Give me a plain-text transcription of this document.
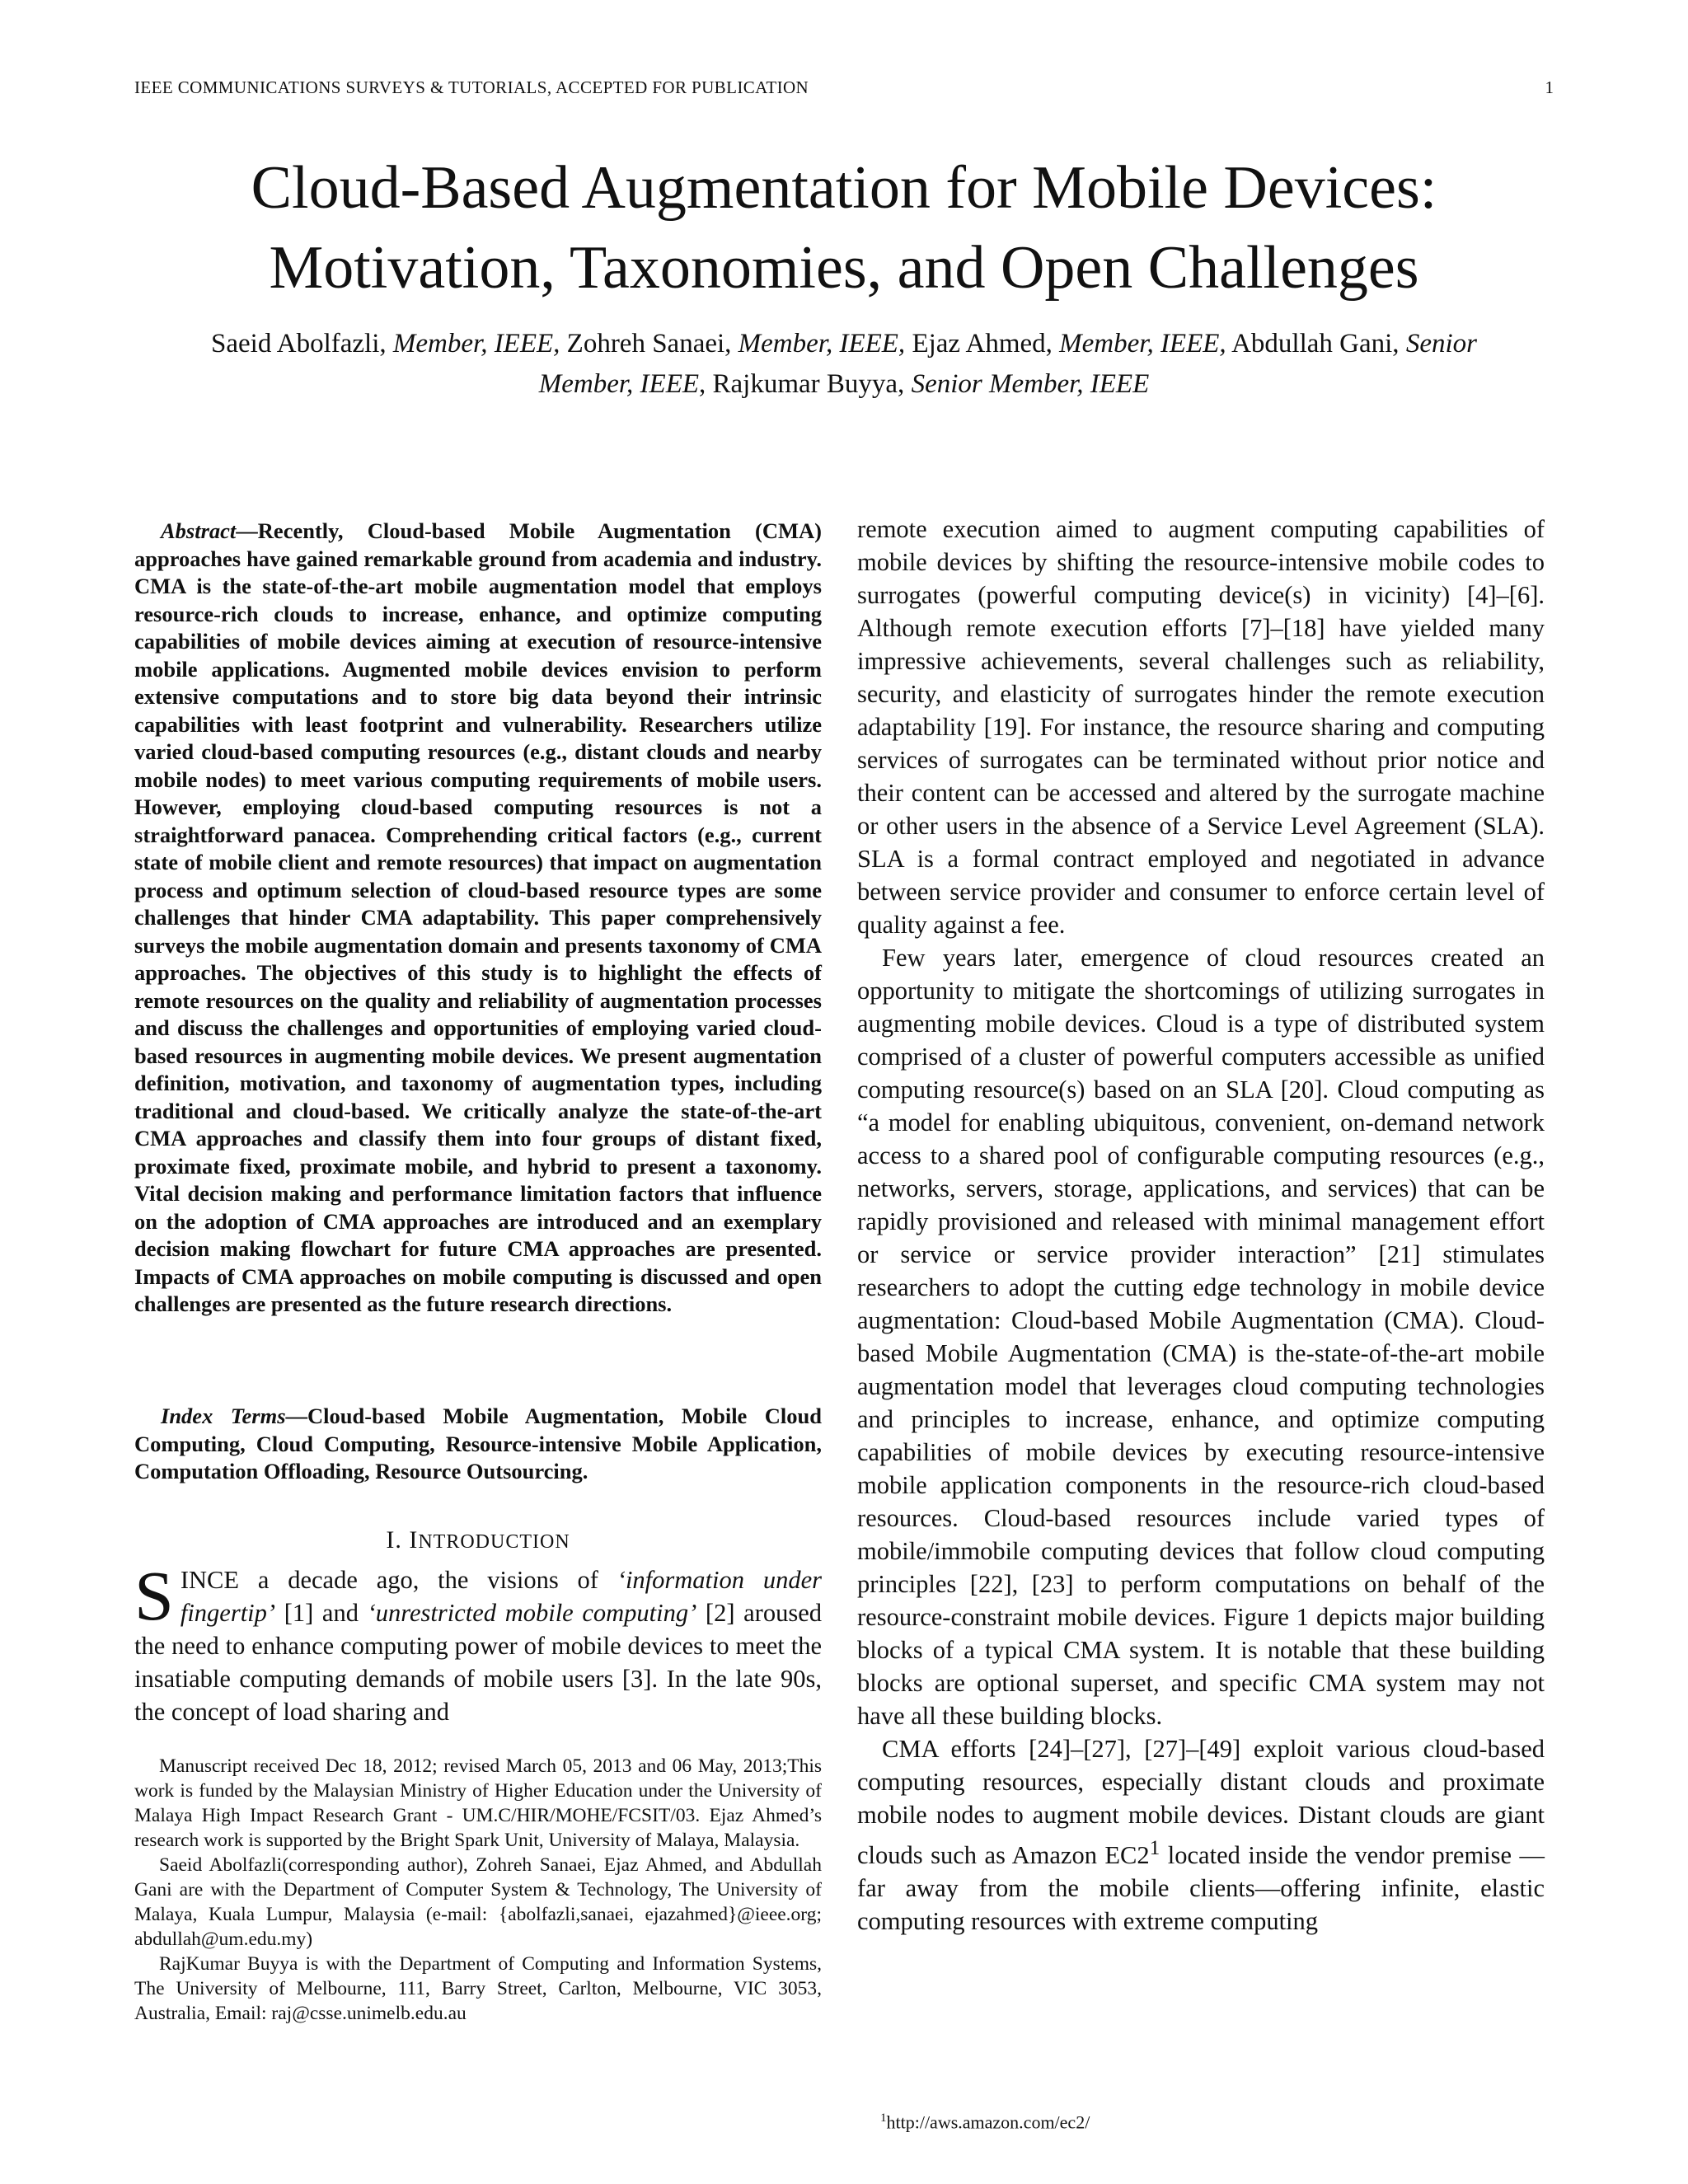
IEEE COMMUNICATIONS SURVEYS & TUTORIALS, ACCEPTED FOR PUBLICATION	1
Cloud-Based Augmentation for Mobile Devices:
Motivation, Taxonomies, and Open Challenges
Saeid Abolfazli, Member, IEEE, Zohreh Sanaei, Member, IEEE, Ejaz Ahmed, Member, IEEE, Abdullah Gani, Senior Member, IEEE, Rajkumar Buyya, Senior Member, IEEE
Abstract—Recently, Cloud-based Mobile Augmentation (CMA) approaches have gained remarkable ground from academia and industry. CMA is the state-of-the-art mobile augmentation model that employs resource-rich clouds to increase, enhance, and optimize computing capabilities of mobile devices aiming at execution of resource-intensive mobile applications. Augmented mobile devices envision to perform extensive computations and to store big data beyond their intrinsic capabilities with least footprint and vulnerability. Researchers utilize varied cloud-based computing resources (e.g., distant clouds and nearby mobile nodes) to meet various computing requirements of mobile users. However, employing cloud-based computing resources is not a straightforward panacea. Comprehending critical factors (e.g., current state of mobile client and remote resources) that impact on augmentation process and optimum selection of cloud-based resource types are some challenges that hinder CMA adaptability. This paper comprehensively surveys the mobile augmentation domain and presents taxonomy of CMA approaches. The objectives of this study is to highlight the effects of remote resources on the quality and reliability of augmentation processes and discuss the challenges and opportunities of employing varied cloud-based resources in augmenting mobile devices. We present augmentation definition, motivation, and taxonomy of augmentation types, including traditional and cloud-based. We critically analyze the state-of-the-art CMA approaches and classify them into four groups of distant fixed, proximate fixed, proximate mobile, and hybrid to present a taxonomy. Vital decision making and performance limitation factors that influence on the adoption of CMA approaches are introduced and an exemplary decision making flowchart for future CMA approaches are presented. Impacts of CMA approaches on mobile computing is discussed and open challenges are presented as the future research directions.
Index Terms—Cloud-based Mobile Augmentation, Mobile Cloud Computing, Cloud Computing, Resource-intensive Mobile Application, Computation Offloading, Resource Outsourcing.
I. INTRODUCTION
SINCE a decade ago, the visions of ‘information under fingertip’ [1] and ‘unrestricted mobile computing’ [2] aroused the need to enhance computing power of mobile devices to meet the insatiable computing demands of mobile users [3]. In the late 90s, the concept of load sharing and

Manuscript received Dec 18, 2012; revised March 05, 2013 and 06 May, 2013;This work is funded by the Malaysian Ministry of Higher Education under the University of Malaya High Impact Research Grant - UM.C/HIR/MOHE/FCSIT/03. Ejaz Ahmed’s research work is supported by the Bright Spark Unit, University of Malaya, Malaysia.

Saeid Abolfazli(corresponding author), Zohreh Sanaei, Ejaz Ahmed, and Abdullah Gani are with the Department of Computer System & Technology, The University of Malaya, Kuala Lumpur, Malaysia (e-mail: {abolfazli,sanaei, ejazahmed}@ieee.org; abdullah@um.edu.my)

RajKumar Buyya is with the Department of Computing and Information Systems, The University of Melbourne, 111, Barry Street, Carlton, Melbourne, VIC 3053, Australia, Email: raj@csse.unimelb.edu.au

remote execution aimed to augment computing capabilities of mobile devices by shifting the resource-intensive mobile codes to surrogates (powerful computing device(s) in vicinity) [4]–[6]. Although remote execution efforts [7]–[18] have yielded many impressive achievements, several challenges such as reliability, security, and elasticity of surrogates hinder the remote execution adaptability [19]. For instance, the resource sharing and computing services of surrogates can be terminated without prior notice and their content can be accessed and altered by the surrogate machine or other users in the absence of a Service Level Agreement (SLA). SLA is a formal contract employed and negotiated in advance between service provider and consumer to enforce certain level of quality against a fee.

Few years later, emergence of cloud resources created an opportunity to mitigate the shortcomings of utilizing surrogates in augmenting mobile devices. Cloud is a type of distributed system comprised of a cluster of powerful computers accessible as unified computing resource(s) based on an SLA [20]. Cloud computing as “a model for enabling ubiquitous, convenient, on-demand network access to a shared pool of configurable computing resources (e.g., networks, servers, storage, applications, and services) that can be rapidly provisioned and released with minimal management effort or service or service provider interaction” [21] stimulates researchers to adopt the cutting edge technology in mobile device augmentation: Cloud-based Mobile Augmentation (CMA). Cloud-based Mobile Augmentation (CMA) is the-state-of-the-art mobile augmentation model that leverages cloud computing technologies and principles to increase, enhance, and optimize computing capabilities of mobile devices by executing resource-intensive mobile application components in the resource-rich cloud-based resources. Cloud-based resources include varied types of mobile/immobile computing devices that follow cloud computing principles [22], [23] to perform computations on behalf of the resource-constraint mobile devices. Figure 1 depicts major building blocks of a typical CMA system. It is notable that these building blocks are optional superset, and specific CMA system may not have all these building blocks.

CMA efforts [24]–[27], [27]–[49] exploit various cloud-based computing resources, especially distant clouds and proximate mobile nodes to augment mobile devices. Distant clouds are giant clouds such as Amazon $EC2^1$ located inside the vendor premise —far away from the mobile clients—offering infinite, elastic computing resources with extreme computing

$^1$http://aws.amazon.com/ec2/
